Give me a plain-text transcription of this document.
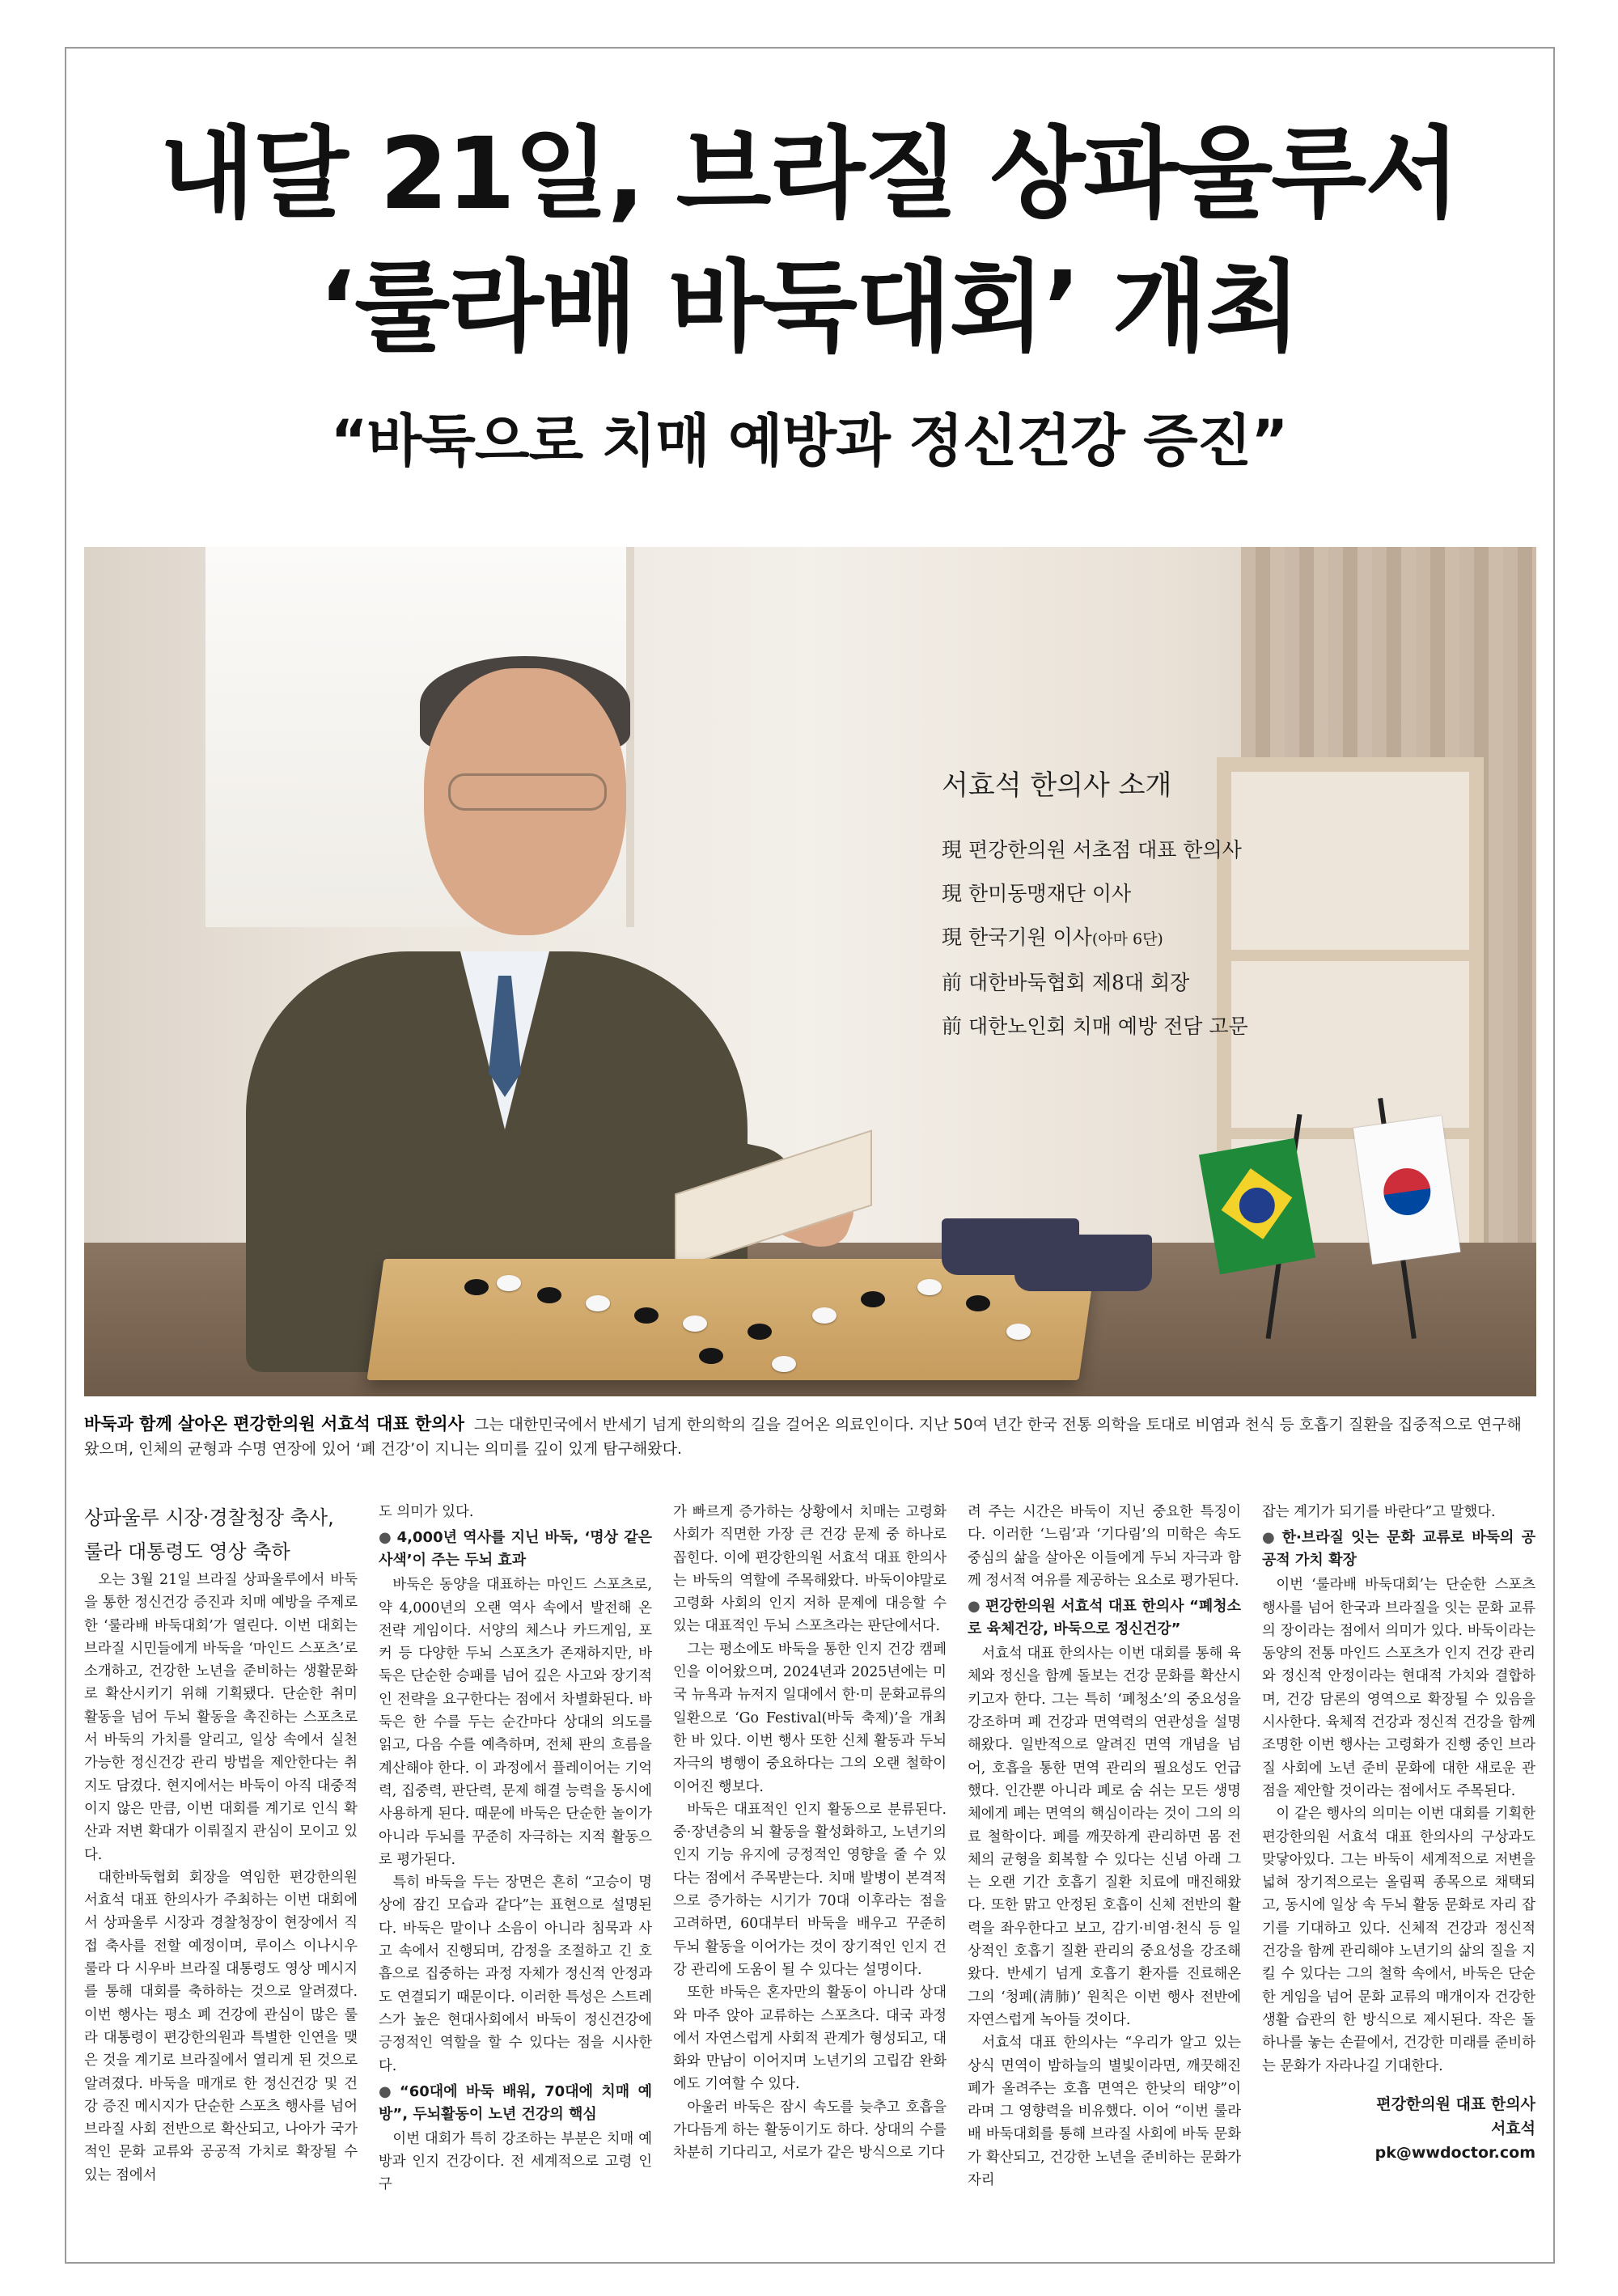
내달 21일, 브라질 상파울루서
‘룰라배 바둑대회’ 개최
“바둑으로 치매 예방과 정신건강 증진”
서효석 한의사 소개
現 편강한의원 서초점 대표 한의사
現 한미동맹재단 이사
現 한국기원 이사(아마 6단)
前 대한바둑협회 제8대 회장
前 대한노인회 치매 예방 전담 고문
바둑과 함께 살아온 편강한의원 서효석 대표 한의사 그는 대한민국에서 반세기 넘게 한의학의 길을 걸어온 의료인이다. 지난 50여 년간 한국 전통 의학을 토대로 비염과 천식 등 호흡기 질환을 집중적으로 연구해왔으며, 인체의 균형과 수명 연장에 있어 ‘폐 건강’이 지니는 의미를 깊이 있게 탐구해왔다.

상파울루 시장·경찰청장 축사,
룰라 대통령도 영상 축하

오는 3월 21일 브라질 상파울루에서 바둑을 통한 정신건강 증진과 치매 예방을 주제로 한 ‘룰라배 바둑대회’가 열린다. 이번 대회는 브라질 시민들에게 바둑을 ‘마인드 스포츠’로 소개하고, 건강한 노년을 준비하는 생활문화로 확산시키기 위해 기획됐다. 단순한 취미 활동을 넘어 두뇌 활동을 촉진하는 스포츠로서 바둑의 가치를 알리고, 일상 속에서 실천 가능한 정신건강 관리 방법을 제안한다는 취지도 담겼다. 현지에서는 바둑이 아직 대중적이지 않은 만큼, 이번 대회를 계기로 인식 확산과 저변 확대가 이뤄질지 관심이 모이고 있다.

대한바둑협회 회장을 역임한 편강한의원 서효석 대표 한의사가 주최하는 이번 대회에서 상파울루 시장과 경찰청장이 현장에서 직접 축사를 전할 예정이며, 루이스 이나시우 룰라 다 시우바 브라질 대통령도 영상 메시지를 통해 대회를 축하하는 것으로 알려졌다. 이번 행사는 평소 폐 건강에 관심이 많은 룰라 대통령이 편강한의원과 특별한 인연을 맺은 것을 계기로 브라질에서 열리게 된 것으로 알려졌다. 바둑을 매개로 한 정신건강 및 건강 증진 메시지가 단순한 스포츠 행사를 넘어 브라질 사회 전반으로 확산되고, 나아가 국가적인 문화 교류와 공공적 가치로 확장될 수 있는 점에서

도 의미가 있다.

● 4,000년 역사를 지닌 바둑, ‘명상 같은 사색’이 주는 두뇌 효과

바둑은 동양을 대표하는 마인드 스포츠로, 약 4,000년의 오랜 역사 속에서 발전해 온 전략 게임이다. 서양의 체스나 카드게임, 포커 등 다양한 두뇌 스포츠가 존재하지만, 바둑은 단순한 승패를 넘어 깊은 사고와 장기적인 전략을 요구한다는 점에서 차별화된다. 바둑은 한 수를 두는 순간마다 상대의 의도를 읽고, 다음 수를 예측하며, 전체 판의 흐름을 계산해야 한다. 이 과정에서 플레이어는 기억력, 집중력, 판단력, 문제 해결 능력을 동시에 사용하게 된다. 때문에 바둑은 단순한 놀이가 아니라 두뇌를 꾸준히 자극하는 지적 활동으로 평가된다.

특히 바둑을 두는 장면은 흔히 “고승이 명상에 잠긴 모습과 같다”는 표현으로 설명된다. 바둑은 말이나 소음이 아니라 침묵과 사고 속에서 진행되며, 감정을 조절하고 긴 호흡으로 집중하는 과정 자체가 정신적 안정과도 연결되기 때문이다. 이러한 특성은 스트레스가 높은 현대사회에서 바둑이 정신건강에 긍정적인 역할을 할 수 있다는 점을 시사한다.

● “60대에 바둑 배워, 70대에 치매 예방”, 두뇌활동이 노년 건강의 핵심

이번 대회가 특히 강조하는 부분은 치매 예방과 인지 건강이다. 전 세계적으로 고령 인구

가 빠르게 증가하는 상황에서 치매는 고령화 사회가 직면한 가장 큰 건강 문제 중 하나로 꼽힌다. 이에 편강한의원 서효석 대표 한의사는 바둑의 역할에 주목해왔다. 바둑이야말로 고령화 사회의 인지 저하 문제에 대응할 수 있는 대표적인 두뇌 스포츠라는 판단에서다.

그는 평소에도 바둑을 통한 인지 건강 캠페인을 이어왔으며, 2024년과 2025년에는 미국 뉴욕과 뉴저지 일대에서 한·미 문화교류의 일환으로 ‘Go Festival(바둑 축제)’을 개최한 바 있다. 이번 행사 또한 신체 활동과 두뇌 자극의 병행이 중요하다는 그의 오랜 철학이 이어진 행보다.

바둑은 대표적인 인지 활동으로 분류된다. 중·장년층의 뇌 활동을 활성화하고, 노년기의 인지 기능 유지에 긍정적인 영향을 줄 수 있다는 점에서 주목받는다. 치매 발병이 본격적으로 증가하는 시기가 70대 이후라는 점을 고려하면, 60대부터 바둑을 배우고 꾸준히 두뇌 활동을 이어가는 것이 장기적인 인지 건강 관리에 도움이 될 수 있다는 설명이다.

또한 바둑은 혼자만의 활동이 아니라 상대와 마주 앉아 교류하는 스포츠다. 대국 과정에서 자연스럽게 사회적 관계가 형성되고, 대화와 만남이 이어지며 노년기의 고립감 완화에도 기여할 수 있다.

아울러 바둑은 잠시 속도를 늦추고 호흡을 가다듬게 하는 활동이기도 하다. 상대의 수를 차분히 기다리고, 서로가 같은 방식으로 기다

려 주는 시간은 바둑이 지닌 중요한 특징이다. 이러한 ‘느림’과 ‘기다림’의 미학은 속도 중심의 삶을 살아온 이들에게 두뇌 자극과 함께 정서적 여유를 제공하는 요소로 평가된다.

● 편강한의원 서효석 대표 한의사 “폐청소로 육체건강, 바둑으로 정신건강”

서효석 대표 한의사는 이번 대회를 통해 육체와 정신을 함께 돌보는 건강 문화를 확산시키고자 한다. 그는 특히 ‘폐청소’의 중요성을 강조하며 폐 건강과 면역력의 연관성을 설명해왔다. 일반적으로 알려진 면역 개념을 넘어, 호흡을 통한 면역 관리의 필요성도 언급했다. 인간뿐 아니라 폐로 숨 쉬는 모든 생명체에게 폐는 면역의 핵심이라는 것이 그의 의료 철학이다. 폐를 깨끗하게 관리하면 몸 전체의 균형을 회복할 수 있다는 신념 아래 그는 오랜 기간 호흡기 질환 치료에 매진해왔다. 또한 맑고 안정된 호흡이 신체 전반의 활력을 좌우한다고 보고, 감기·비염·천식 등 일상적인 호흡기 질환 관리의 중요성을 강조해왔다. 반세기 넘게 호흡기 환자를 진료해온 그의 ‘청폐(淸肺)’ 원칙은 이번 행사 전반에 자연스럽게 녹아들 것이다.

서효석 대표 한의사는 “우리가 알고 있는 상식 면역이 밤하늘의 별빛이라면, 깨끗해진 폐가 올려주는 호흡 면역은 한낮의 태양”이라며 그 영향력을 비유했다. 이어 “이번 룰라배 바둑대회를 통해 브라질 사회에 바둑 문화가 확산되고, 건강한 노년을 준비하는 문화가 자리

잡는 계기가 되기를 바란다”고 말했다.

● 한·브라질 잇는 문화 교류로 바둑의 공공적 가치 확장

이번 ‘룰라배 바둑대회’는 단순한 스포츠 행사를 넘어 한국과 브라질을 잇는 문화 교류의 장이라는 점에서 의미가 있다. 바둑이라는 동양의 전통 마인드 스포츠가 인지 건강 관리와 정신적 안정이라는 현대적 가치와 결합하며, 건강 담론의 영역으로 확장될 수 있음을 시사한다. 육체적 건강과 정신적 건강을 함께 조명한 이번 행사는 고령화가 진행 중인 브라질 사회에 노년 준비 문화에 대한 새로운 관점을 제안할 것이라는 점에서도 주목된다.

이 같은 행사의 의미는 이번 대회를 기획한 편강한의원 서효석 대표 한의사의 구상과도 맞닿아있다. 그는 바둑이 세계적으로 저변을 넓혀 장기적으로는 올림픽 종목으로 채택되고, 동시에 일상 속 두뇌 활동 문화로 자리 잡기를 기대하고 있다. 신체적 건강과 정신적 건강을 함께 관리해야 노년기의 삶의 질을 지킬 수 있다는 그의 철학 속에서, 바둑은 단순한 게임을 넘어 문화 교류의 매개이자 건강한 생활 습관의 한 방식으로 제시된다. 작은 돌 하나를 놓는 손끝에서, 건강한 미래를 준비하는 문화가 자라나길 기대한다.

편강한의원 대표 한의사
서효석
pk@wwdoctor.com
